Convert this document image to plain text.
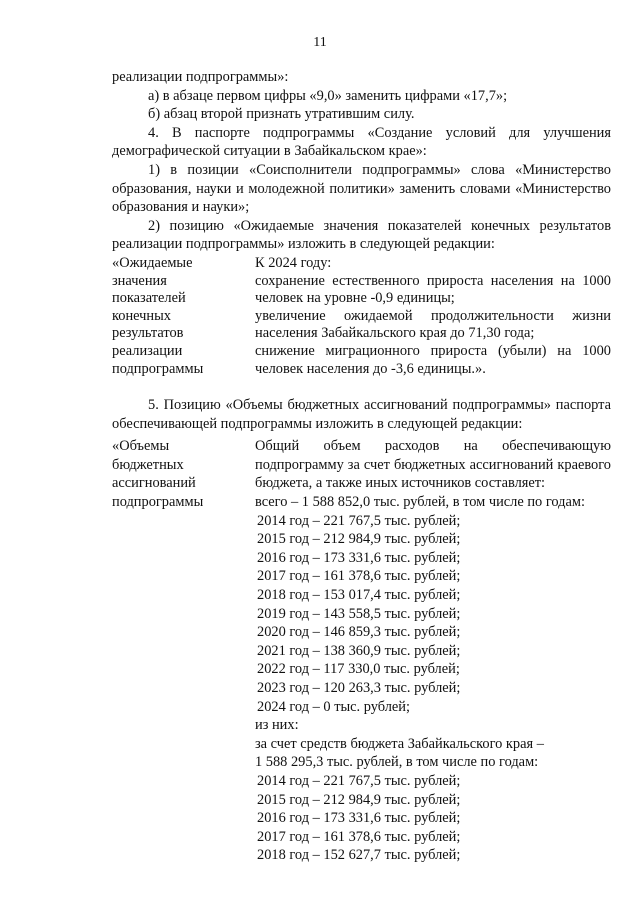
11

реализации подпрограммы»:

а) в абзаце первом цифры «9,0» заменить цифрами «17,7»;

б) абзац второй признать утратившим силу.

4. В паспорте подпрограммы «Создание условий для улучшения демографической ситуации в Забайкальском крае»:

1) в позиции «Соисполнители подпрограммы» слова «Министерство образования, науки и молодежной политики» заменить словами «Министерство образования и науки»;

2) позицию «Ожидаемые значения показателей конечных результатов реализации подпрограммы» изложить в следующей редакции:

«Ожидаемые
значения
показателей
конечных
результатов
реализации
подпрограммы
К 2024 году:
сохранение естественного прироста населения на 1000 человек на уровне -0,9 единицы;
увеличение ожидаемой продолжительности жизни населения Забайкальского края до 71,30 года;
снижение миграционного прироста (убыли) на 1000 человек населения до -3,6 единицы.».

5. Позицию «Объемы бюджетных ассигнований подпрограммы» паспорта обеспечивающей подпрограммы изложить в следующей редакции:

«Объемы
бюджетных
ассигнований
подпрограммы
Общий объем расходов на обеспечивающую подпрограмму за счет бюджетных ассигнований краевого бюджета, а также иных источников составляет:
всего – 1 588 852,0 тыс. рублей, в том числе по годам:
2014 год – 221 767,5 тыс. рублей;
2015 год – 212 984,9 тыс. рублей;
2016 год – 173 331,6 тыс. рублей;
2017 год – 161 378,6 тыс. рублей;
2018 год – 153 017,4 тыс. рублей;
2019 год – 143 558,5 тыс. рублей;
2020 год – 146 859,3 тыс. рублей;
2021 год – 138 360,9 тыс. рублей;
2022 год – 117 330,0 тыс. рублей;
2023 год – 120 263,3 тыс. рублей;
2024 год – 0 тыс. рублей;
из них:
за счет средств бюджета Забайкальского края –
1 588 295,3 тыс. рублей, в том числе по годам:
2014 год – 221 767,5 тыс. рублей;
2015 год – 212 984,9 тыс. рублей;
2016 год – 173 331,6 тыс. рублей;
2017 год – 161 378,6 тыс. рублей;
2018 год – 152 627,7 тыс. рублей;
